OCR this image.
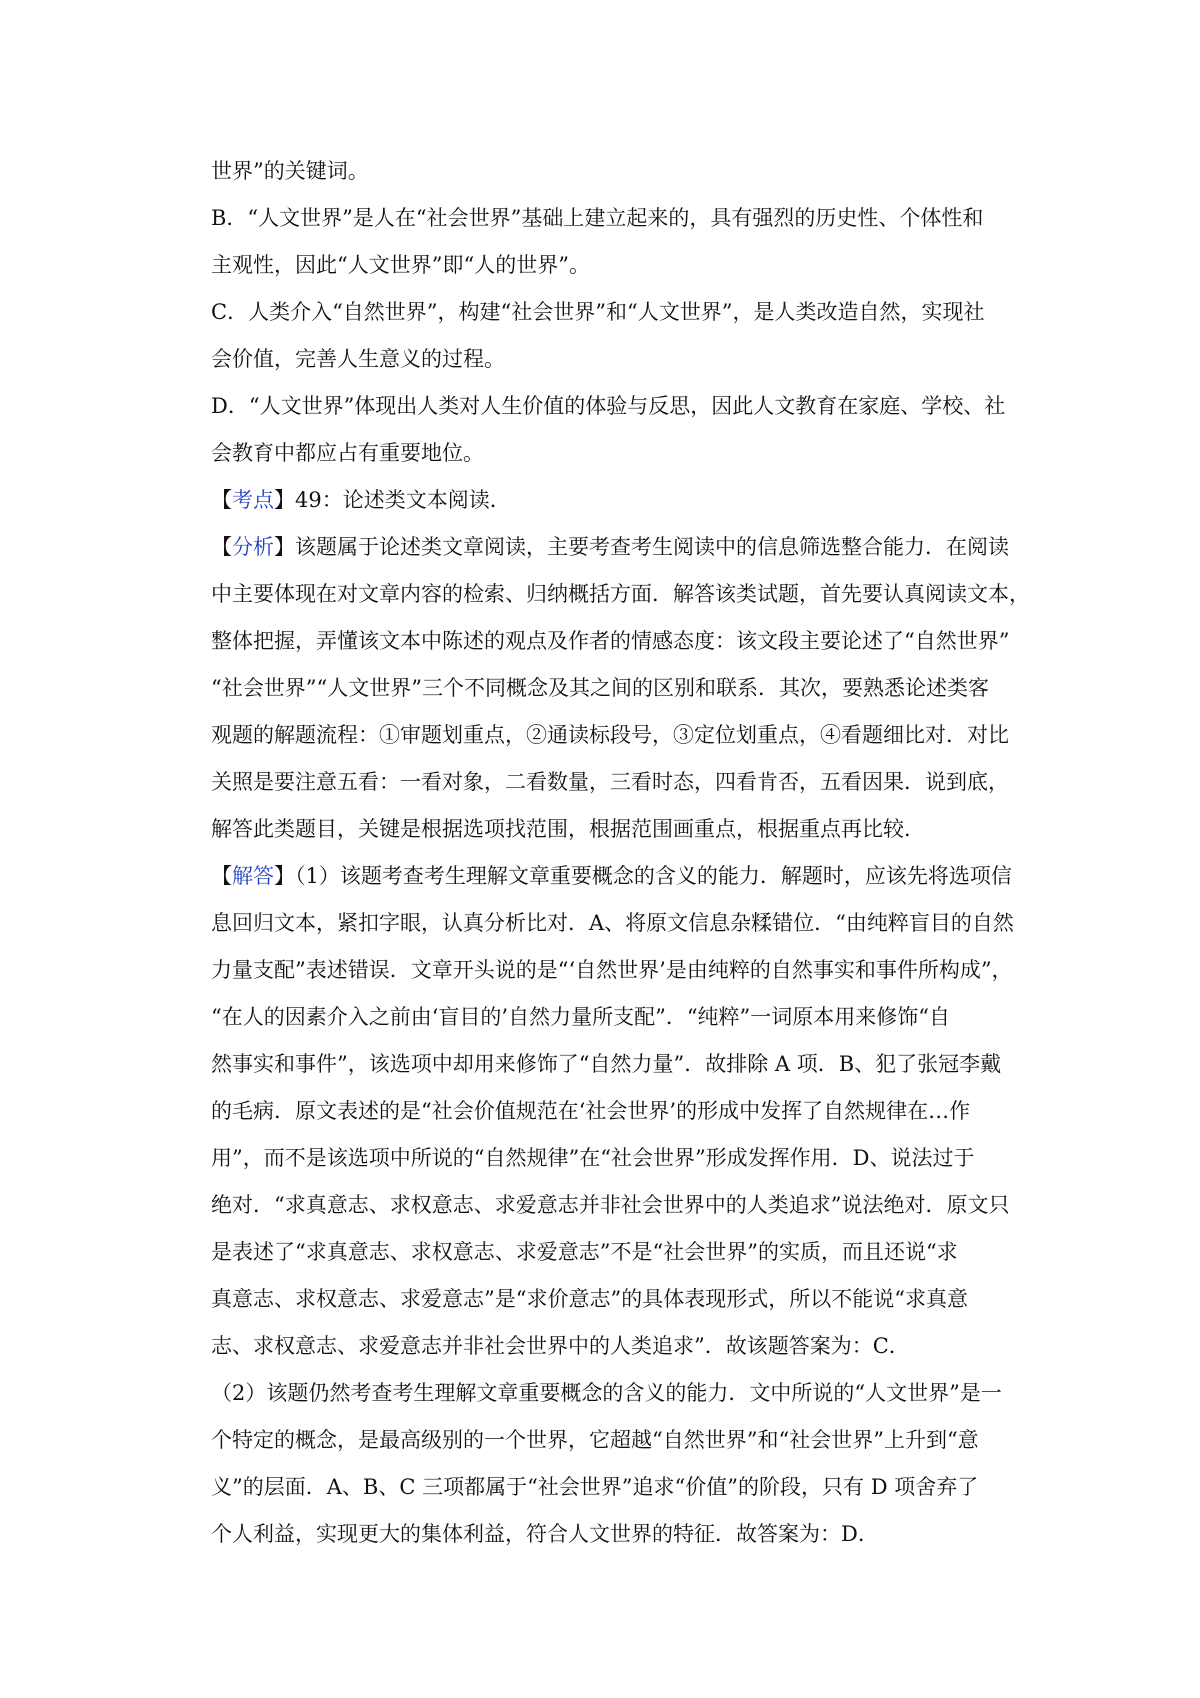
世界”的关键词。
B．“人文世界”是人在“社会世界”基础上建立起来的，具有强烈的历史性、个体性和
主观性，因此“人文世界”即“人的世界”。
C．人类介入“自然世界”，构建“社会世界”和“人文世界”，是人类改造自然，实现社
会价值，完善人生意义的过程。
D．“人文世界”体现出人类对人生价值的体验与反思，因此人文教育在家庭、学校、社
会教育中都应占有重要地位。
【考点】49：论述类文本阅读．
【分析】该题属于论述类文章阅读，主要考查考生阅读中的信息筛选整合能力．在阅读
中主要体现在对文章内容的检索、归纳概括方面．解答该类试题，首先要认真阅读文本，
整体把握，弄懂该文本中陈述的观点及作者的情感态度：该文段主要论述了“自然世界”
“社会世界”“人文世界”三个不同概念及其之间的区别和联系．其次，要熟悉论述类客
观题的解题流程：①审题划重点，②通读标段号，③定位划重点，④看题细比对．对比
关照是要注意五看：一看对象，二看数量，三看时态，四看肯否，五看因果．说到底，
解答此类题目，关键是根据选项找范围，根据范围画重点，根据重点再比较．
【解答】（1）该题考查考生理解文章重要概念的含义的能力．解题时，应该先将选项信
息回归文本，紧扣字眼，认真分析比对．A、将原文信息杂糅错位．“由纯粹盲目的自然
力量支配”表述错误．文章开头说的是“‘自然世界’是由纯粹的自然事实和事件所构成”，
“在人的因素介入之前由‘盲目的’自然力量所支配”．“纯粹”一词原本用来修饰“自
然事实和事件”，该选项中却用来修饰了“自然力量”．故排除 A 项．B、犯了张冠李戴
的毛病．原文表述的是“社会价值规范在‘社会世界’的形成中发挥了自然规律在…作
用”，而不是该选项中所说的“自然规律”在“社会世界”形成发挥作用．D、说法过于
绝对．“求真意志、求权意志、求爱意志并非社会世界中的人类追求”说法绝对．原文只
是表述了“求真意志、求权意志、求爱意志”不是“社会世界”的实质，而且还说“求
真意志、求权意志、求爱意志”是“求价意志”的具体表现形式，所以不能说“求真意
志、求权意志、求爱意志并非社会世界中的人类追求”．故该题答案为：C．
（2）该题仍然考查考生理解文章重要概念的含义的能力．文中所说的“人文世界”是一
个特定的概念，是最高级别的一个世界，它超越“自然世界”和“社会世界”上升到“意
义”的层面．A、B、C 三项都属于“社会世界”追求“价值”的阶段，只有 D 项舍弃了
个人利益，实现更大的集体利益，符合人文世界的特征．故答案为：D．
